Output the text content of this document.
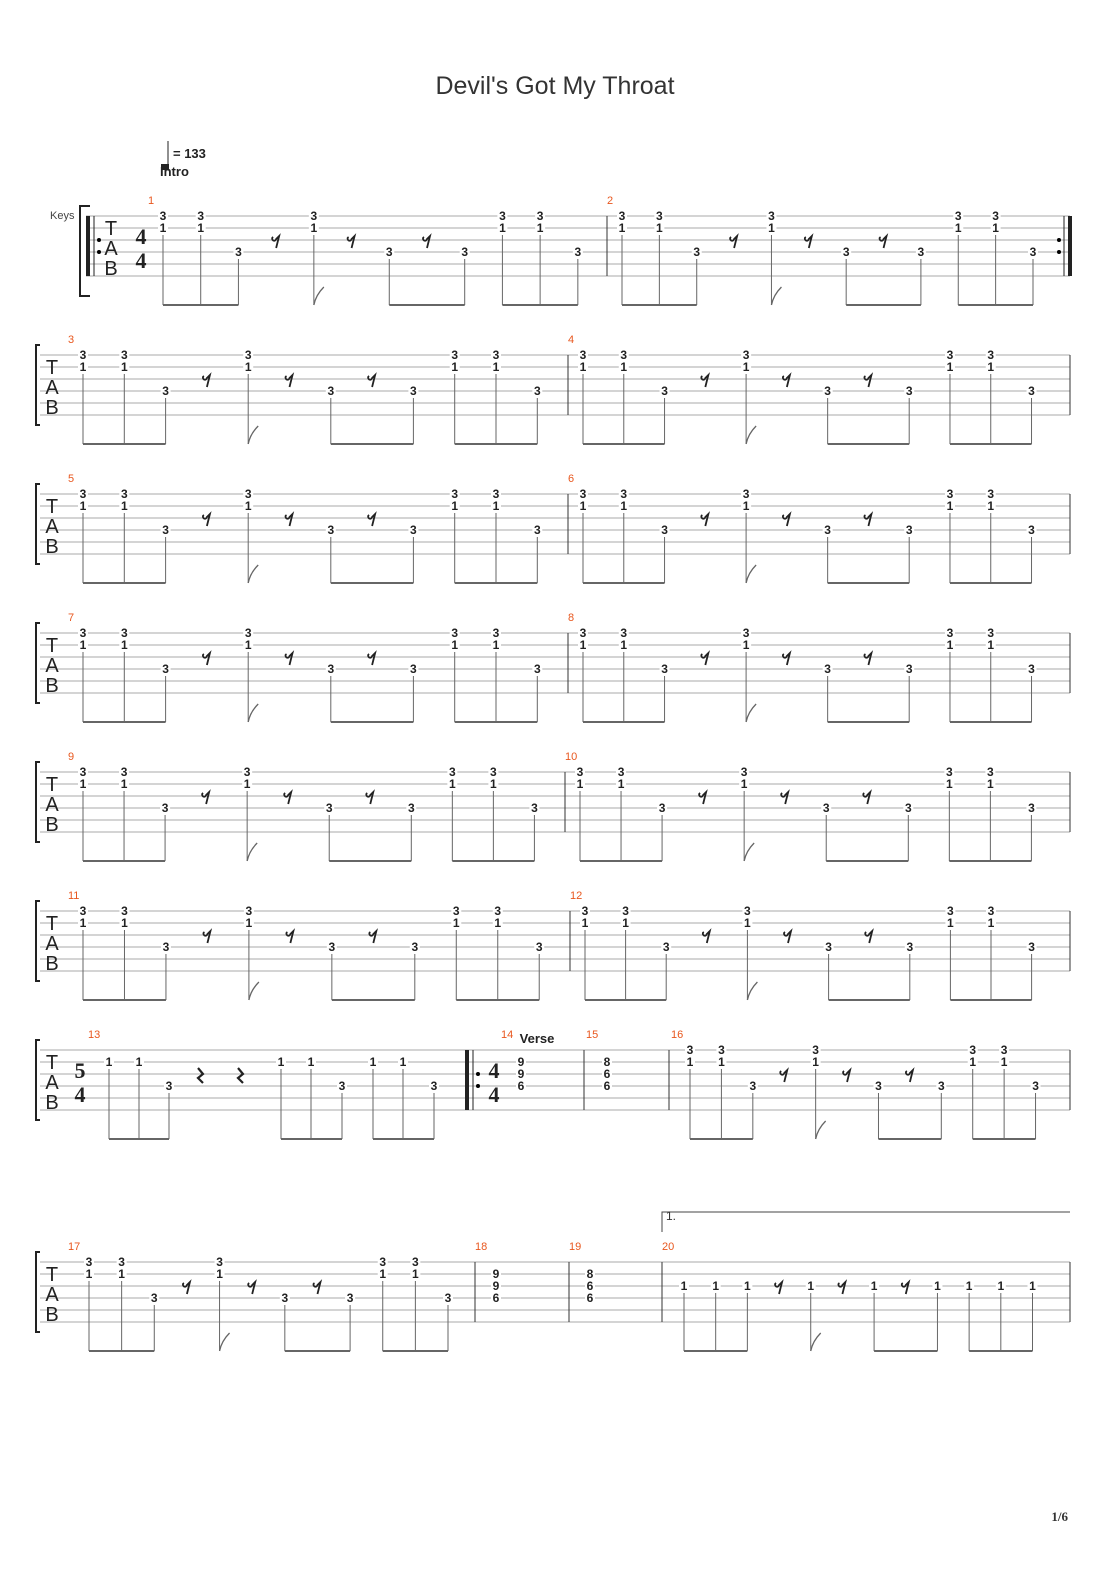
Devil's Got My Throat
Keys
T
A
B
4
4
= 133
Intro
1
3
1
3
1
3
3
1
3	3
3
1
3
1
3
2
3
1
3
1
3
3
1
3	3
3
1
3
1
3
T
A
B
3
3
1
3
1
3
3
1
3	3
3
1
3
1
3
4
3
1
3
1
3
3
1
3	3
3
1
3
1
3
T
A
B
5
3
1
3
1
3
3
1
3	3
3
1
3
1
3
6
3
1
3
1
3
3
1
3	3
3
1
3
1
3
T
A
B
7
3
1
3
1
3
3
1
3	3
3
1
3
1
3
8
3
1
3
1
3
3
1
3	3
3
1
3
1
3
T
A
B
9
3
1
3
1
3
3
1
3	3
3
1
3
1
3
10
3
1
3
1
3
3
1
3	3
3
1
3
1
3
T
A
B
11
3
1
3
1
3
3
1
3	3
3
1
3
1
3
12
3
1
3
1
3
3
1
3	3
3
1
3
1
3
T
A
B
5
4
13
1 1
3
1 1
3
1 1
3
4
4
Verse
14
9
9
6
15
8
6
6
16
3
1
3
1
3
3
1
3	3
3
1
3
1
3
T
A
B
17
3
1
3
1
3
3
1
3	3
3
1
3
1
3
18
9
9
6
19
8
6
6
1.
20
1 1 1	1	1	1 1 1 1
1/6
